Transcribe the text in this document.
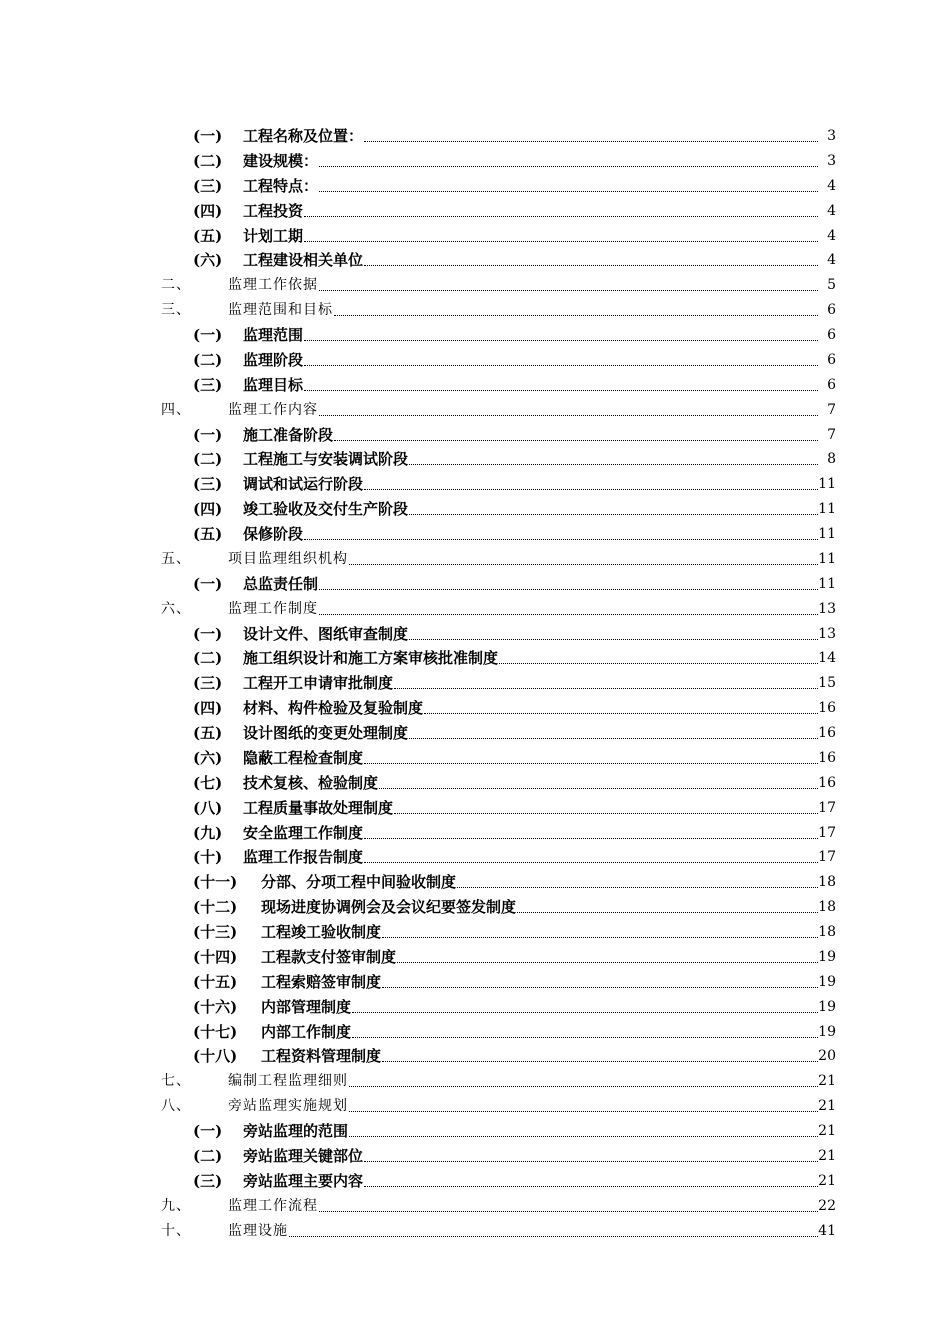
(一) 工程名称及位置：	3
(二) 建设规模：	3
(三) 工程特点：	4
(四) 工程投资	4
(五) 计划工期	4
(六) 工程建设相关单位	4
二、	监理工作依据	5
三、	监理范围和目标	6
(一) 监理范围	6
(二) 监理阶段	6
(三) 监理目标	6
四、	监理工作内容	7
(一) 施工准备阶段	7
(二) 工程施工与安装调试阶段	8
(三) 调试和试运行阶段	11
(四) 竣工验收及交付生产阶段	11
(五) 保修阶段	11
五、	项目监理组织机构	11
(一) 总监责任制	11
六、	监理工作制度	13
(一) 设计文件、图纸审查制度	13
(二) 施工组织设计和施工方案审核批准制度	14
(三) 工程开工申请审批制度	15
(四) 材料、构件检验及复验制度	16
(五) 设计图纸的变更处理制度	16
(六) 隐蔽工程检查制度	16
(七) 技术复核、检验制度	16
(八) 工程质量事故处理制度	17
(九) 安全监理工作制度	17
(十) 监理工作报告制度	17
(十一) 分部、分项工程中间验收制度	18
(十二) 现场进度协调例会及会议纪要签发制度	18
(十三) 工程竣工验收制度	18
(十四) 工程款支付签审制度	19
(十五) 工程索赔签审制度	19
(十六) 内部管理制度	19
(十七) 内部工作制度	19
(十八) 工程资料管理制度	20
七、	编制工程监理细则	21
八、	旁站监理实施规划	21
(一) 旁站监理的范围	21
(二) 旁站监理关键部位	21
(三) 旁站监理主要内容	21
九、	监理工作流程	22
十、	监理设施	41
